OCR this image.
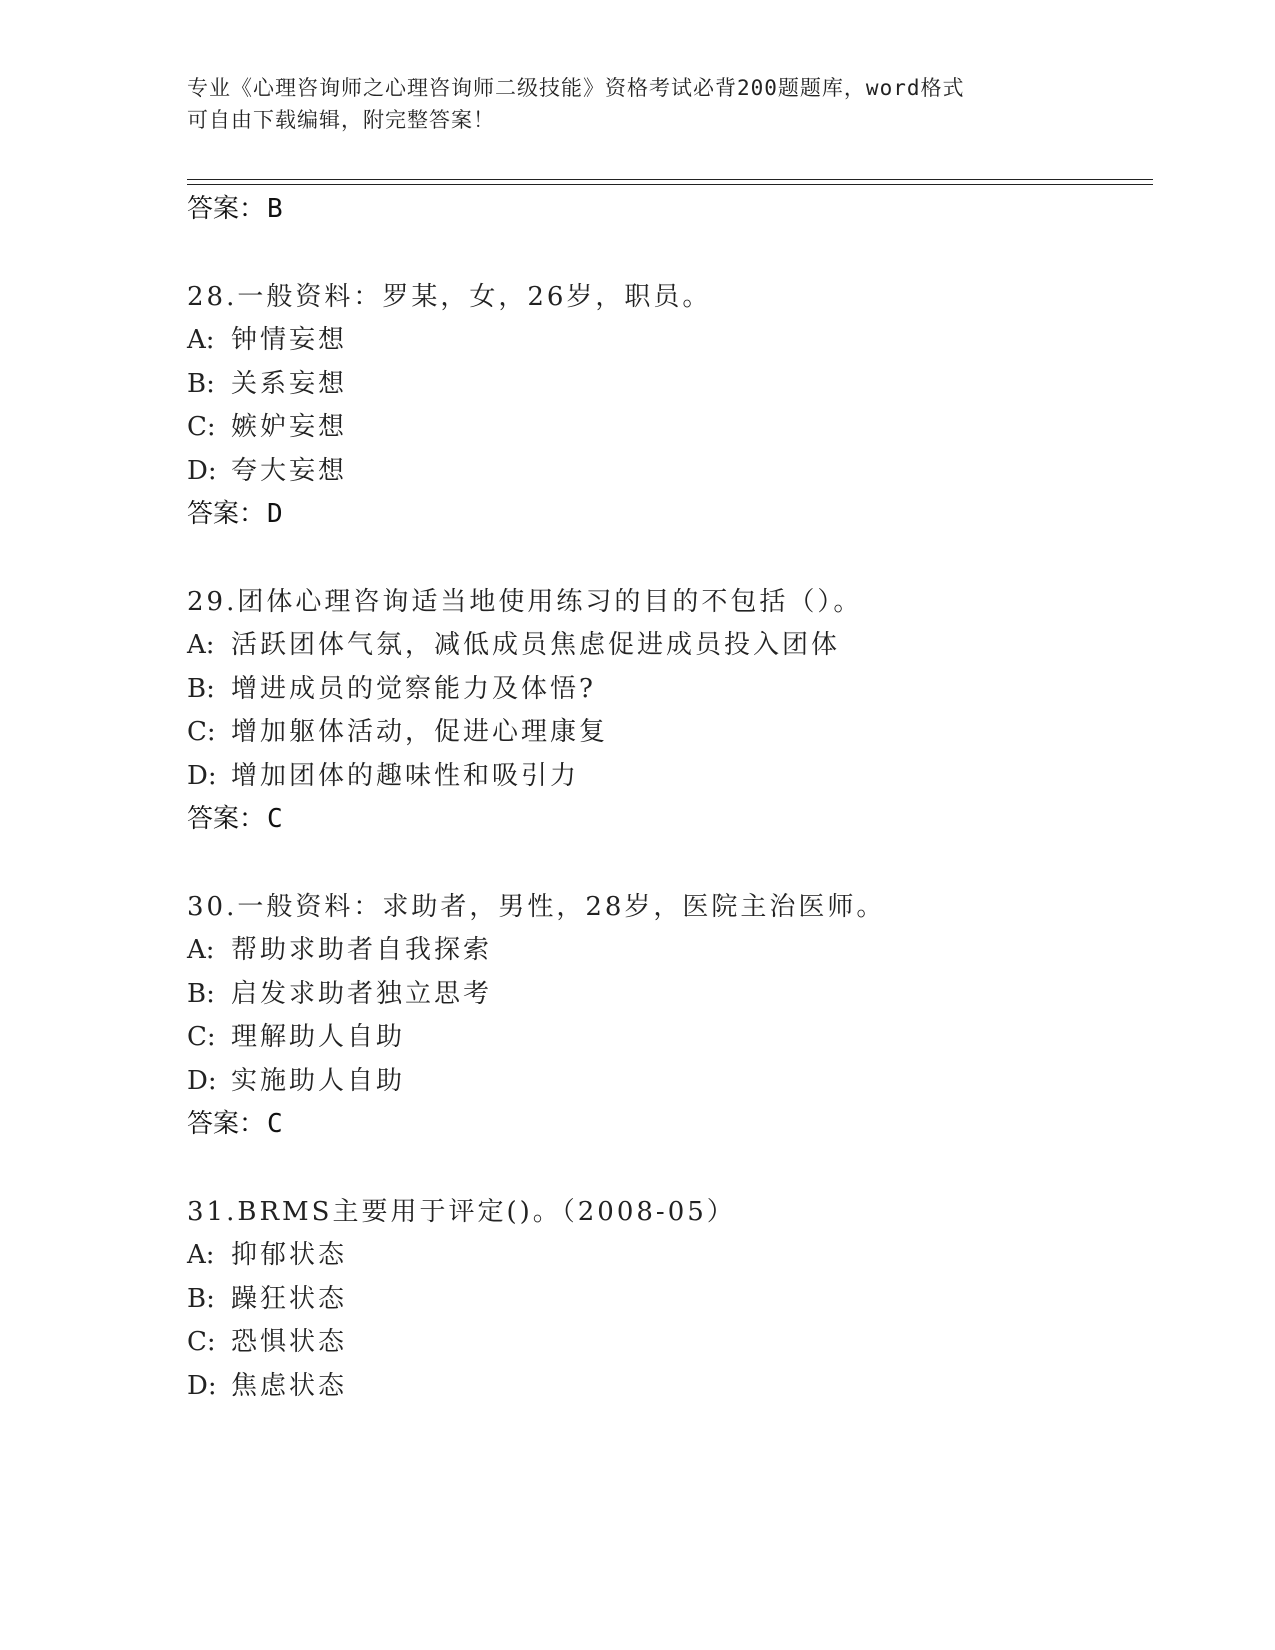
专业《心理咨询师之心理咨询师二级技能》资格考试必背200题题库，word格式
可自由下载编辑，附完整答案！
答案：B
28.一般资料：罗某，女，26岁，职员。
A: 钟情妄想
B: 关系妄想
C: 嫉妒妄想
D: 夸大妄想
答案：D
29.团体心理咨询适当地使用练习的目的不包括（）。
A: 活跃团体气氛，减低成员焦虑促进成员投入团体
B: 增进成员的觉察能力及体悟?
C: 增加躯体活动，促进心理康复
D: 增加团体的趣味性和吸引力
答案：C
30.一般资料：求助者，男性，28岁，医院主治医师。
A: 帮助求助者自我探索
B: 启发求助者独立思考
C: 理解助人自助
D: 实施助人自助
答案：C
31.BRMS主要用于评定()。（2008-05）
A: 抑郁状态
B: 躁狂状态
C: 恐惧状态
D: 焦虑状态
